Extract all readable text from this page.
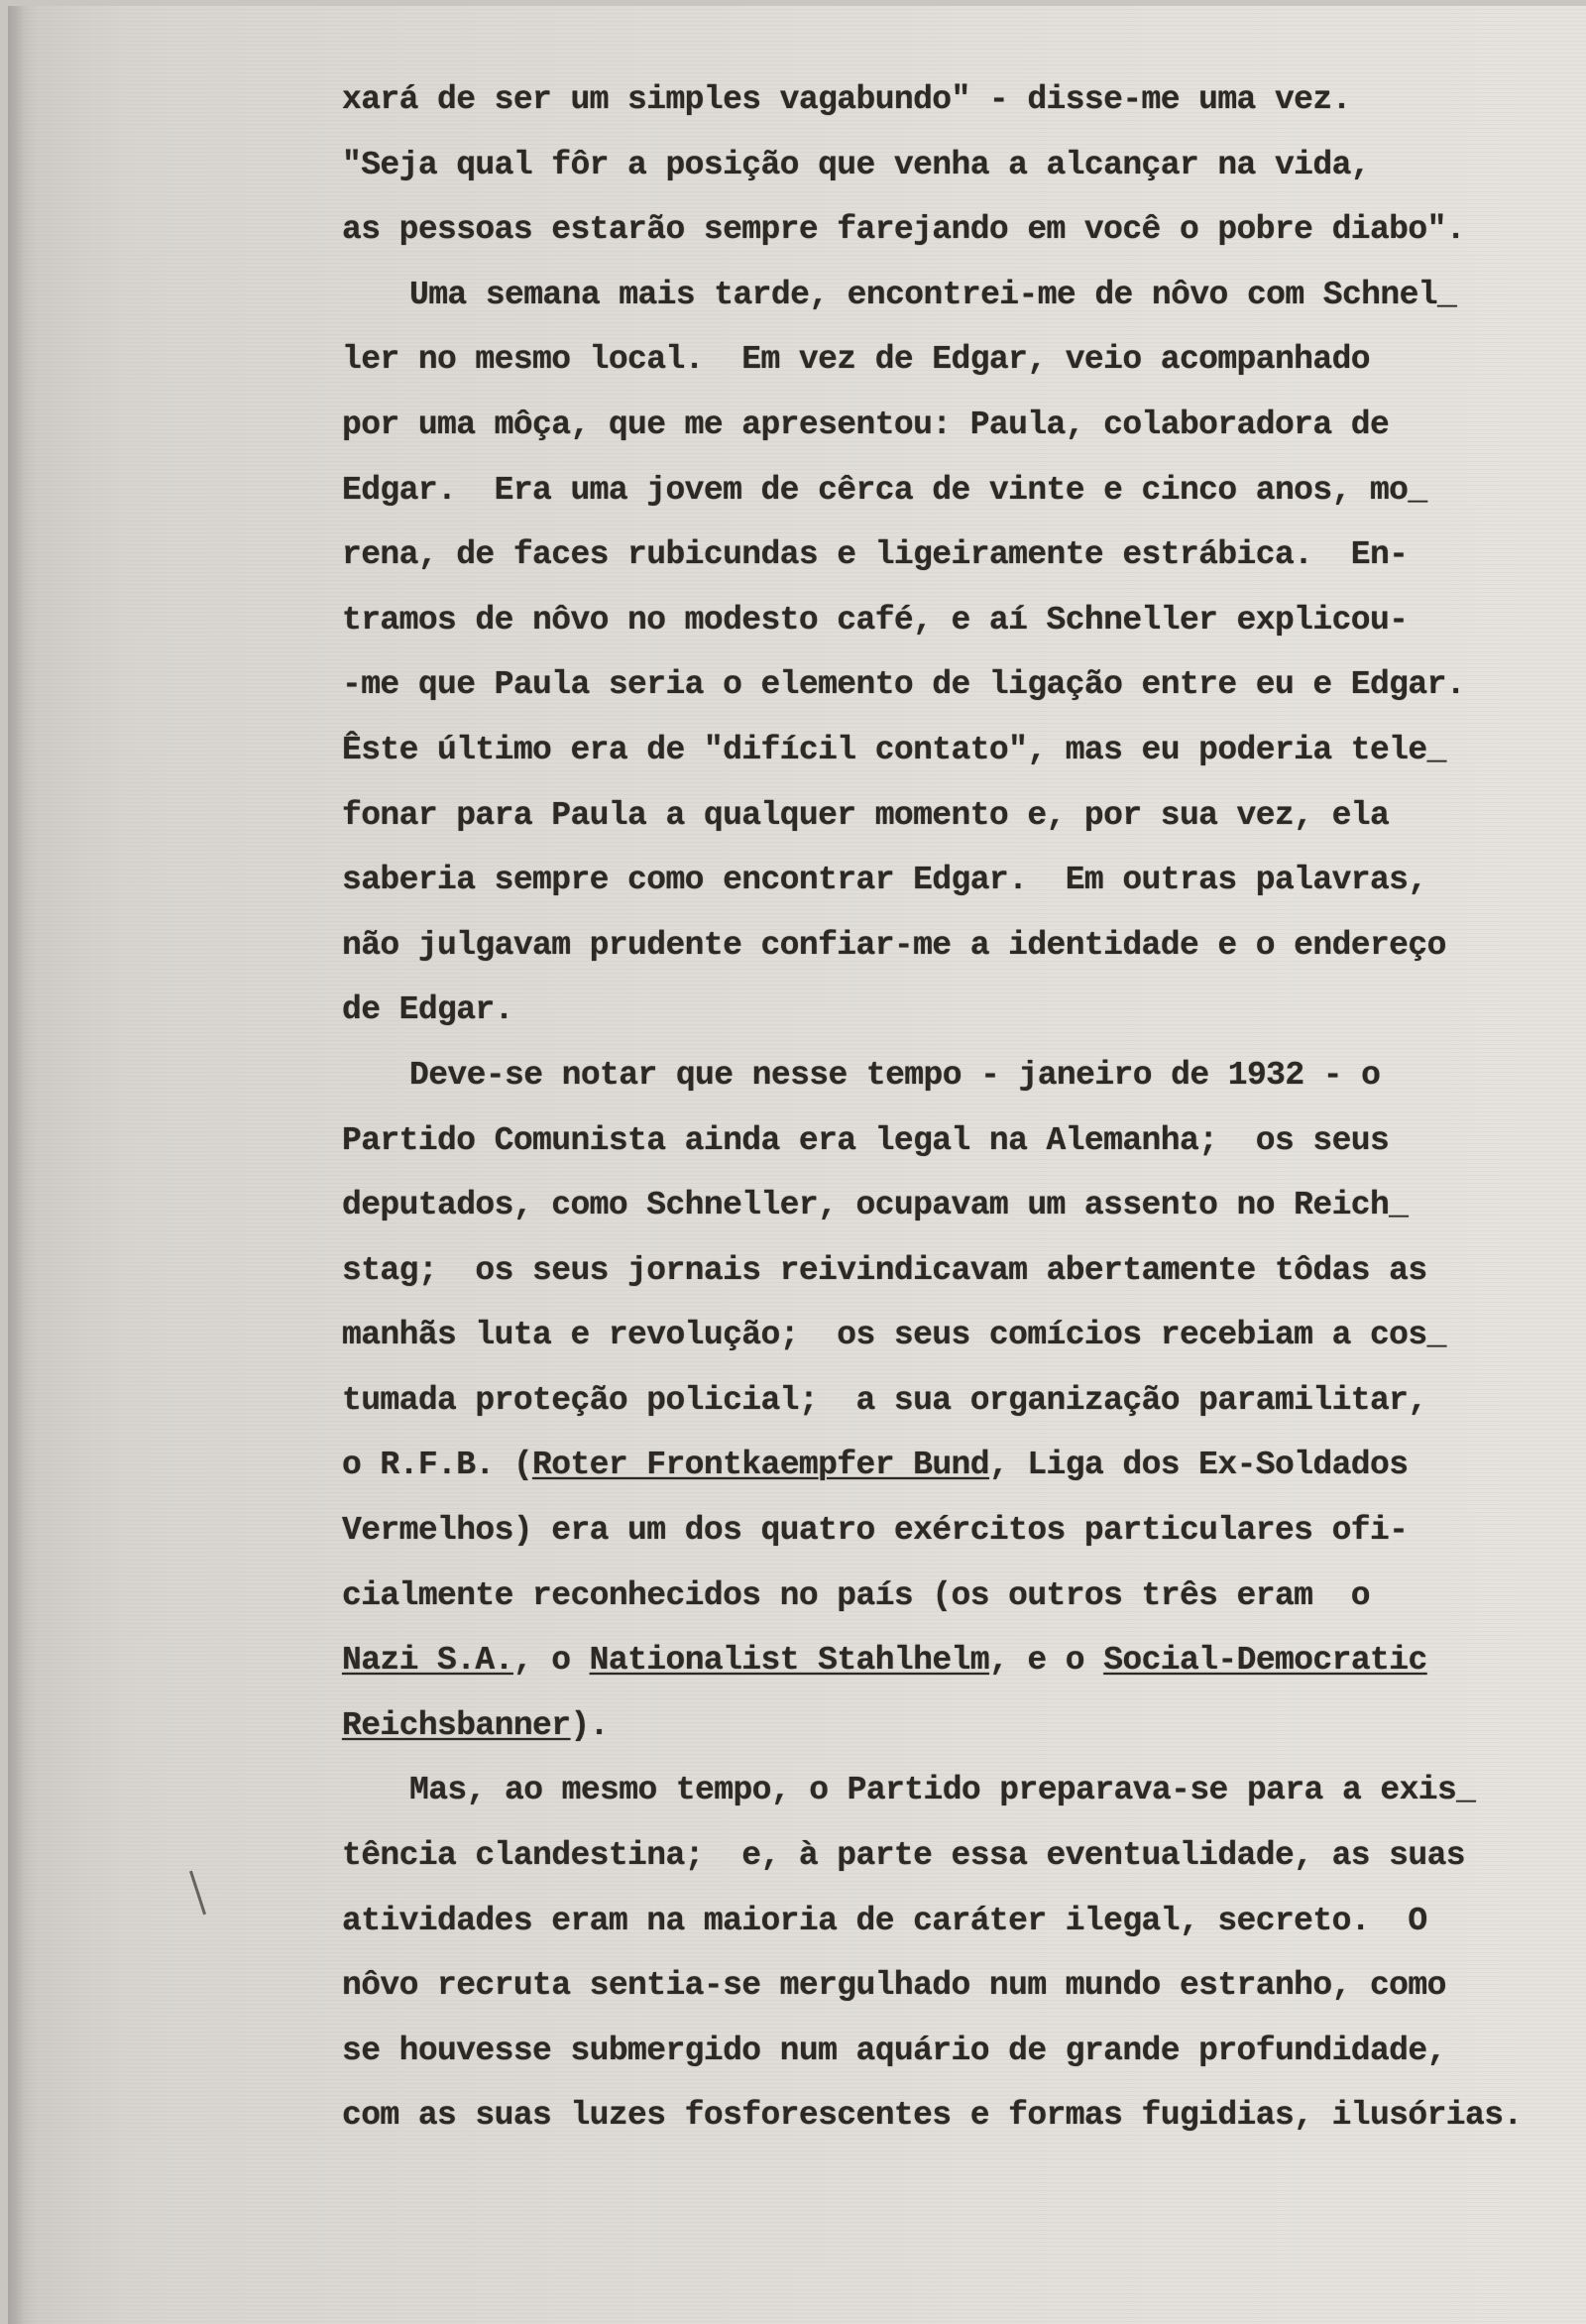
xará de ser um simples vagabundo" - disse-me uma vez.
"Seja qual fôr a posição que venha a alcançar na vida,
as pessoas estarão sempre farejando em você o pobre diabo".
Uma semana mais tarde, encontrei-me de nôvo com Schnel_
ler no mesmo local.  Em vez de Edgar, veio acompanhado
por uma môça, que me apresentou: Paula, colaboradora de
Edgar.  Era uma jovem de cêrca de vinte e cinco anos, mo_
rena, de faces rubicundas e ligeiramente estrábica.  En-
tramos de nôvo no modesto café, e aí Schneller explicou-
-me que Paula seria o elemento de ligação entre eu e Edgar.
Êste último era de "difícil contato", mas eu poderia tele_
fonar para Paula a qualquer momento e, por sua vez, ela
saberia sempre como encontrar Edgar.  Em outras palavras,
não julgavam prudente confiar-me a identidade e o endereço
de Edgar.
Deve-se notar que nesse tempo - janeiro de 1932 - o
Partido Comunista ainda era legal na Alemanha;  os seus
deputados, como Schneller, ocupavam um assento no Reich_
stag;  os seus jornais reivindicavam abertamente tôdas as
manhãs luta e revolução;  os seus comícios recebiam a cos_
tumada proteção policial;  a sua organização paramilitar,
o R.F.B. (Roter Frontkaempfer Bund, Liga dos Ex-Soldados
Vermelhos) era um dos quatro exércitos particulares ofi-
cialmente reconhecidos no país (os outros três eram  o
Nazi S.A., o Nationalist Stahlhelm, e o Social-Democratic
Reichsbanner).
Mas, ao mesmo tempo, o Partido preparava-se para a exis_
tência clandestina;  e, à parte essa eventualidade, as suas
atividades eram na maioria de caráter ilegal, secreto.  O
nôvo recruta sentia-se mergulhado num mundo estranho, como
se houvesse submergido num aquário de grande profundidade,
com as suas luzes fosforescentes e formas fugidias, ilusórias.
